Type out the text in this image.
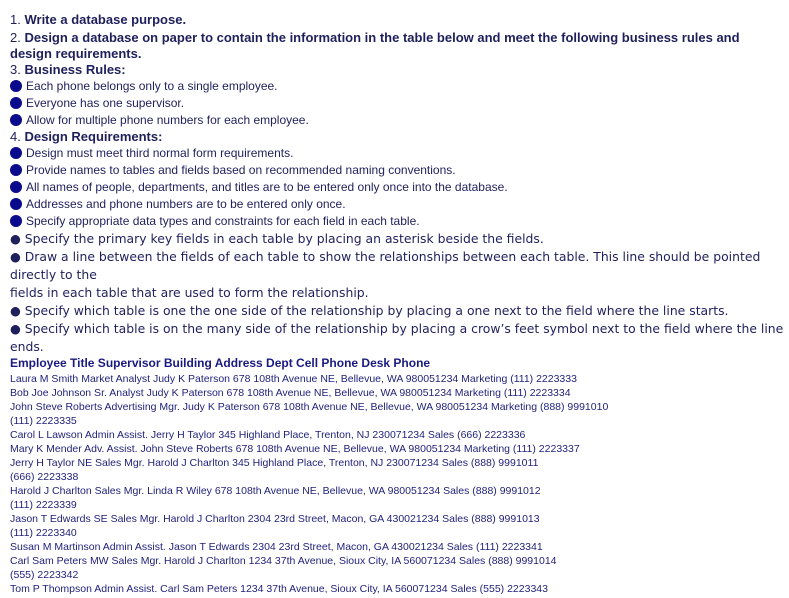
1. Write a database purpose.
2. Design a database on paper to contain the information in the table below and meet the following business rules and
design requirements.
3. Business Rules:
Each phone belongs only to a single employee.
Everyone has one supervisor.
Allow for multiple phone numbers for each employee.
4. Design Requirements:
Design must meet third normal form requirements.
Provide names to tables and fields based on recommended naming conventions.
All names of people, departments, and titles are to be entered only once into the database.
Addresses and phone numbers are to be entered only once.
Specify appropriate data types and constraints for each field in each table.
● Specify the primary key fields in each table by placing an asterisk beside the fields.
● Draw a line between the fields of each table to show the relationships between each table. This line should be pointed
directly to the
fields in each table that are used to form the relationship.
● Specify which table is one the one side of the relationship by placing a one next to the field where the line starts.
● Specify which table is on the many side of the relationship by placing a crow’s feet symbol next to the field where the line
ends.
Employee Title Supervisor Building Address Dept Cell Phone Desk Phone
Laura M Smith Market Analyst Judy K Paterson 678 108th Avenue NE, Bellevue, WA 980051234 Marketing (111) 2223333
Bob Joe Johnson Sr. Analyst Judy K Paterson 678 108th Avenue NE, Bellevue, WA 980051234 Marketing (111) 2223334
John Steve Roberts Advertising Mgr. Judy K Paterson 678 108th Avenue NE, Bellevue, WA 980051234 Marketing (888) 9991010
(111) 2223335
Carol L Lawson Admin Assist. Jerry H Taylor 345 Highland Place, Trenton, NJ 230071234 Sales (666) 2223336
Mary K Mender Adv. Assist. John Steve Roberts 678 108th Avenue NE, Bellevue, WA 980051234 Marketing (111) 2223337
Jerry H Taylor NE Sales Mgr. Harold J Charlton 345 Highland Place, Trenton, NJ 230071234 Sales (888) 9991011
(666) 2223338
Harold J Charlton Sales Mgr. Linda R Wiley 678 108th Avenue NE, Bellevue, WA 980051234 Sales (888) 9991012
(111) 2223339
Jason T Edwards SE Sales Mgr. Harold J Charlton 2304 23rd Street, Macon, GA 430021234 Sales (888) 9991013
(111) 2223340
Susan M Martinson Admin Assist. Jason T Edwards 2304 23rd Street, Macon, GA 430021234 Sales (111) 2223341
Carl Sam Peters MW Sales Mgr. Harold J Charlton 1234 37th Avenue, Sioux City, IA 560071234 Sales (888) 9991014
(555) 2223342
Tom P Thompson Admin Assist. Carl Sam Peters 1234 37th Avenue, Sioux City, IA 560071234 Sales (555) 2223343
